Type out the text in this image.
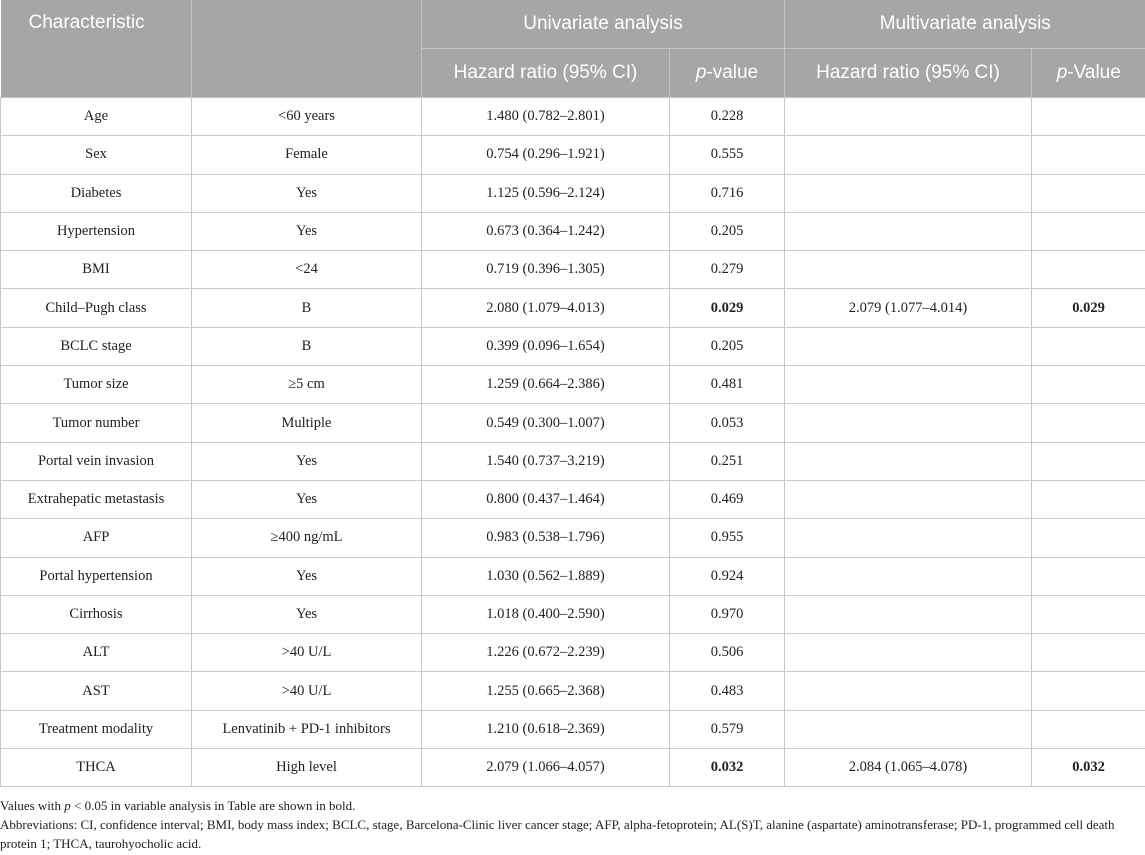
Characteristic		Univariate analysis		Multivariate analysis	
		Hazard ratio (95% CI)	p-value	Hazard ratio (95% CI)	p-Value
Age	<60 years	1.480 (0.782–2.801)	0.228		
Sex	Female	0.754 (0.296–1.921)	0.555		
Diabetes	Yes	1.125 (0.596–2.124)	0.716		
Hypertension	Yes	0.673 (0.364–1.242)	0.205		
BMI	<24	0.719 (0.396–1.305)	0.279		
Child–Pugh class	B	2.080 (1.079–4.013)	0.029	2.079 (1.077–4.014)	0.029
BCLC stage	B	0.399 (0.096–1.654)	0.205		
Tumor size	≥5 cm	1.259 (0.664–2.386)	0.481		
Tumor number	Multiple	0.549 (0.300–1.007)	0.053		
Portal vein invasion	Yes	1.540 (0.737–3.219)	0.251		
Extrahepatic metastasis	Yes	0.800 (0.437–1.464)	0.469		
AFP	≥400 ng/mL	0.983 (0.538–1.796)	0.955		
Portal hypertension	Yes	1.030 (0.562–1.889)	0.924		
Cirrhosis	Yes	1.018 (0.400–2.590)	0.970		
ALT	>40 U/L	1.226 (0.672–2.239)	0.506		
AST	>40 U/L	1.255 (0.665–2.368)	0.483		
Treatment modality	Lenvatinib + PD-1 inhibitors	1.210 (0.618–2.369)	0.579		
THCA	High level	2.079 (1.066–4.057)	0.032	2.084 (1.065–4.078)	0.032

Values with p < 0.05 in variable analysis in Table are shown in bold.

Abbreviations: CI, confidence interval; BMI, body mass index; BCLC, stage, Barcelona-Clinic liver cancer stage; AFP, alpha-fetoprotein; AL(S)T, alanine (aspartate) aminotransferase; PD-1, programmed cell death protein 1; THCA, taurohyocholic acid.
